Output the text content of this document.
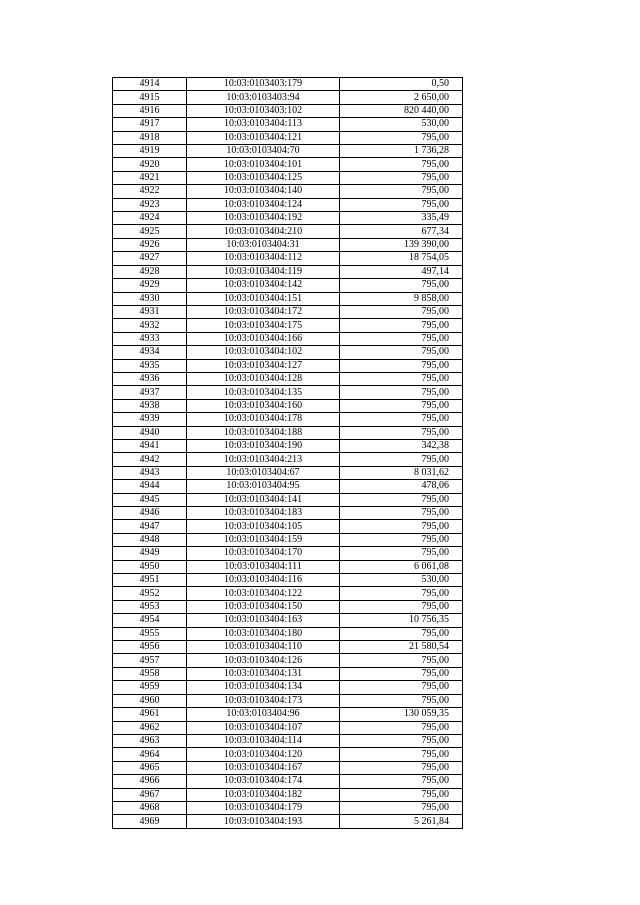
4914	10:03:0103403:179	0,50
4915	10:03:0103403:94	2 650,00
4916	10:03:0103403:102	820 440,00
4917	10:03:0103404:113	530,00
4918	10:03:0103404:121	795,00
4919	10:03:0103404:70	1 736,28
4920	10:03:0103404:101	795,00
4921	10:03:0103404:125	795,00
4922	10:03:0103404:140	795,00
4923	10:03:0103404:124	795,00
4924	10:03:0103404:192	335,49
4925	10:03:0103404:210	677,34
4926	10:03:0103404:31	139 390,00
4927	10:03:0103404:112	18 754,05
4928	10:03:0103404:119	497,14
4929	10:03:0103404:142	795,00
4930	10:03:0103404:151	9 858,00
4931	10:03:0103404:172	795,00
4932	10:03:0103404:175	795,00
4933	10:03:0103404:166	795,00
4934	10:03:0103404:102	795,00
4935	10:03:0103404:127	795,00
4936	10:03:0103404:128	795,00
4937	10:03:0103404:135	795,00
4938	10:03:0103404:160	795,00
4939	10:03:0103404:178	795,00
4940	10:03:0103404:188	795,00
4941	10:03:0103404:190	342,38
4942	10:03:0103404:213	795,00
4943	10:03:0103404:67	8 031,62
4944	10:03:0103404:95	478,06
4945	10:03:0103404:141	795,00
4946	10:03:0103404:183	795,00
4947	10:03:0103404:105	795,00
4948	10:03:0103404:159	795,00
4949	10:03:0103404:170	795,00
4950	10:03:0103404:111	6 061,08
4951	10:03:0103404:116	530,00
4952	10:03:0103404:122	795,00
4953	10:03:0103404:150	795,00
4954	10:03:0103404:163	10 756,35
4955	10:03:0103404:180	795,00
4956	10:03:0103404:110	21 580,54
4957	10:03:0103404:126	795,00
4958	10:03:0103404:131	795,00
4959	10:03:0103404:134	795,00
4960	10:03:0103404:173	795,00
4961	10:03:0103404:96	130 059,35
4962	10:03:0103404:107	795,00
4963	10:03:0103404:114	795,00
4964	10:03:0103404:120	795,00
4965	10:03:0103404:167	795,00
4966	10:03:0103404:174	795,00
4967	10:03:0103404:182	795,00
4968	10:03:0103404:179	795,00
4969	10:03:0103404:193	5 261,84
